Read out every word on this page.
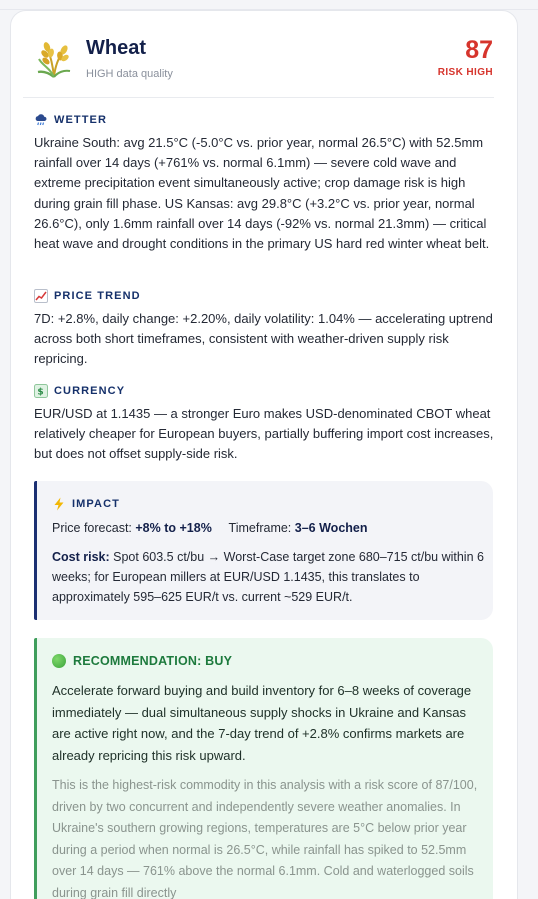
Wheat
HIGH data quality
87
RISK HIGH
WETTER
Ukraine South: avg 21.5°C (-5.0°C vs. prior year, normal 26.5°C) with 52.5mm rainfall over 14 days (+761% vs. normal 6.1mm) — severe cold wave and extreme precipitation event simultaneously active; crop damage risk is high during grain fill phase. US Kansas: avg 29.8°C (+3.2°C vs. prior year, normal 26.6°C), only 1.6mm rainfall over 14 days (-92% vs. normal 21.3mm) — critical heat wave and drought conditions in the primary US hard red winter wheat belt.
PRICE TREND
7D: +2.8%, daily change: +2.20%, daily volatility: 1.04% — accelerating uptrend across both short timeframes, consistent with weather-driven supply risk repricing.
$ CURRENCY
EUR/USD at 1.1435 — a stronger Euro makes USD-denominated CBOT wheat relatively cheaper for European buyers, partially buffering import cost increases, but does not offset supply-side risk.
IMPACT
Price forecast: +8% to +18% Timeframe: 3–6 Wochen
Cost risk: Spot 603.5 ct/bu → Worst-Case target zone 680–715 ct/bu within 6 weeks; for European millers at EUR/USD 1.1435, this translates to approximately 595–625 EUR/t vs. current ~529 EUR/t.
RECOMMENDATION: BUY
Accelerate forward buying and build inventory for 6–8 weeks of coverage immediately — dual simultaneous supply shocks in Ukraine and Kansas are active right now, and the 7-day trend of +2.8% confirms markets are already repricing this risk upward.
This is the highest-risk commodity in this analysis with a risk score of 87/100, driven by two concurrent and independently severe weather anomalies. In Ukraine's southern growing regions, temperatures are 5°C below prior year during a period when normal is 26.5°C, while rainfall has spiked to 52.5mm over 14 days — 761% above the normal 6.1mm. Cold and waterlogged soils during grain fill directly
